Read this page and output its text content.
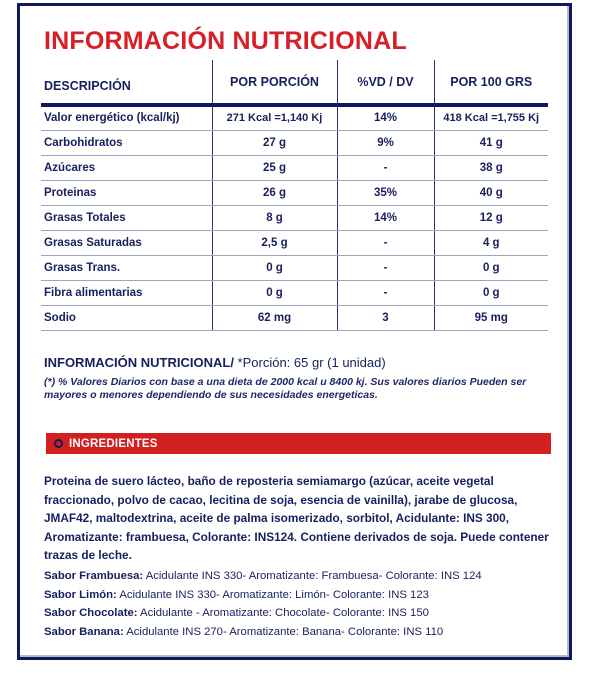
INFORMACIÓN NUTRICIONAL
DESCRIPCIÓN	POR PORCIÓN	%VD / DV	POR 100 GRS
Valor energético (kcal/kj)	271 Kcal =1,140 Kj	14%	418 Kcal =1,755 Kj
Carbohidratos	27 g	9%	41 g
Azúcares	25 g	-	38 g
Proteinas	26 g	35%	40 g
Grasas Totales	8 g	14%	12 g
Grasas Saturadas	2,5 g	-	4 g
Grasas Trans.	0 g	-	0 g
Fibra alimentarias	0 g	-	0 g
Sodio	62 mg	3	95 mg
INFORMACIÓN NUTRICIONAL/ *Porción: 65 gr (1 unidad)
(*) % Valores Diarios con base a una dieta de 2000 kcal u 8400 kj. Sus valores diarios Pueden ser mayores o menores dependiendo de sus necesidades energeticas.
INGREDIENTES
Proteina de suero lácteo, baño de reposteria semiamargo (azúcar, aceite vegetal fraccionado, polvo de cacao, lecitina de soja, esencia de vainilla), jarabe de glucosa, JMAF42, maltodextrina, aceite de palma isomerizado, sorbitol, Acidulante: INS 300, Aromatizante: frambuesa, Colorante: INS124. Contiene derivados de soja. Puede contener trazas de leche.
Sabor Frambuesa: Acidulante INS 330- Aromatizante: Frambuesa- Colorante: INS 124
Sabor Limón: Acidulante INS 330- Aromatizante: Limón- Colorante: INS 123
Sabor Chocolate: Acidulante - Aromatizante: Chocolate- Colorante: INS 150
Sabor Banana: Acidulante INS 270- Aromatizante: Banana- Colorante: INS 110
